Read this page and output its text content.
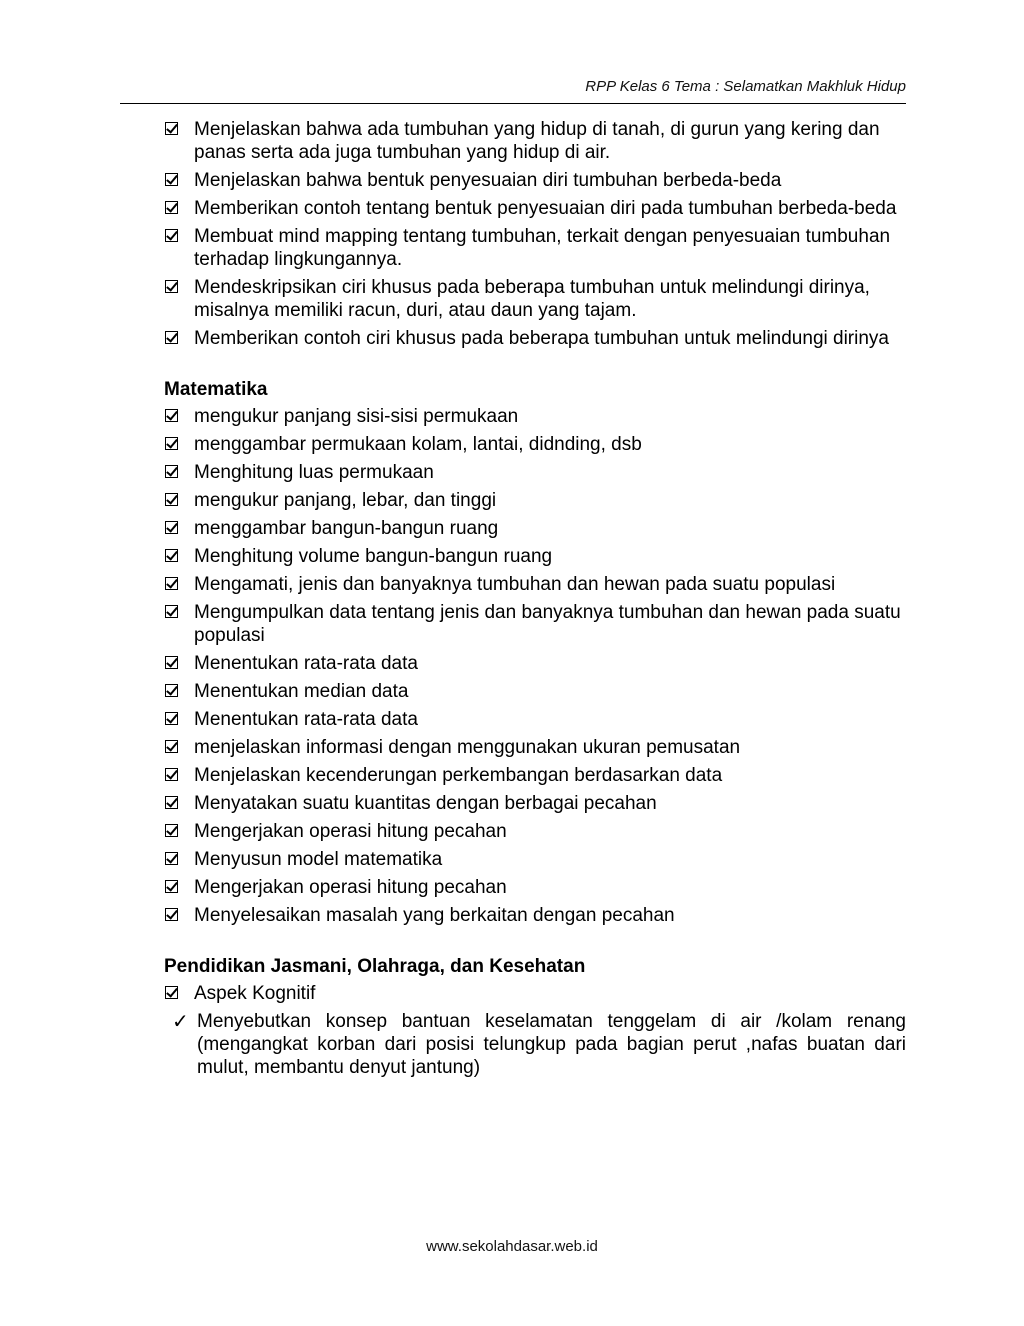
RPP Kelas 6 Tema : Selamatkan Makhluk Hidup
Menjelaskan bahwa ada tumbuhan yang hidup di tanah, di gurun yang kering dan panas serta ada juga tumbuhan yang hidup di air.
Menjelaskan bahwa bentuk penyesuaian diri tumbuhan berbeda-beda
Memberikan contoh tentang bentuk penyesuaian diri pada tumbuhan berbeda-beda
Membuat mind mapping tentang tumbuhan, terkait dengan penyesuaian tumbuhan terhadap lingkungannya.
Mendeskripsikan ciri khusus pada beberapa tumbuhan untuk melindungi dirinya, misalnya memiliki racun, duri, atau daun yang tajam.
Memberikan contoh ciri khusus pada beberapa tumbuhan untuk melindungi dirinya
Matematika
mengukur panjang sisi-sisi permukaan
menggambar permukaan kolam, lantai, didnding, dsb
Menghitung luas permukaan
mengukur panjang, lebar, dan tinggi
menggambar bangun-bangun ruang
Menghitung volume bangun-bangun ruang
Mengamati, jenis dan banyaknya tumbuhan dan hewan pada suatu populasi
Mengumpulkan data tentang jenis dan banyaknya tumbuhan dan hewan pada suatu populasi
Menentukan rata-rata data
Menentukan median data
Menentukan rata-rata data
menjelaskan informasi dengan menggunakan ukuran pemusatan
Menjelaskan kecenderungan perkembangan berdasarkan data
Menyatakan suatu kuantitas dengan berbagai pecahan
Mengerjakan operasi hitung pecahan
Menyusun model matematika
Mengerjakan operasi hitung pecahan
Menyelesaikan masalah yang berkaitan dengan pecahan
Pendidikan Jasmani, Olahraga, dan Kesehatan
Aspek Kognitif
✓ Menyebutkan konsep bantuan keselamatan tenggelam di air /kolam renang (mengangkat korban dari posisi telungkup pada bagian perut ,nafas buatan dari mulut, membantu denyut jantung)
www.sekolahdasar.web.id
